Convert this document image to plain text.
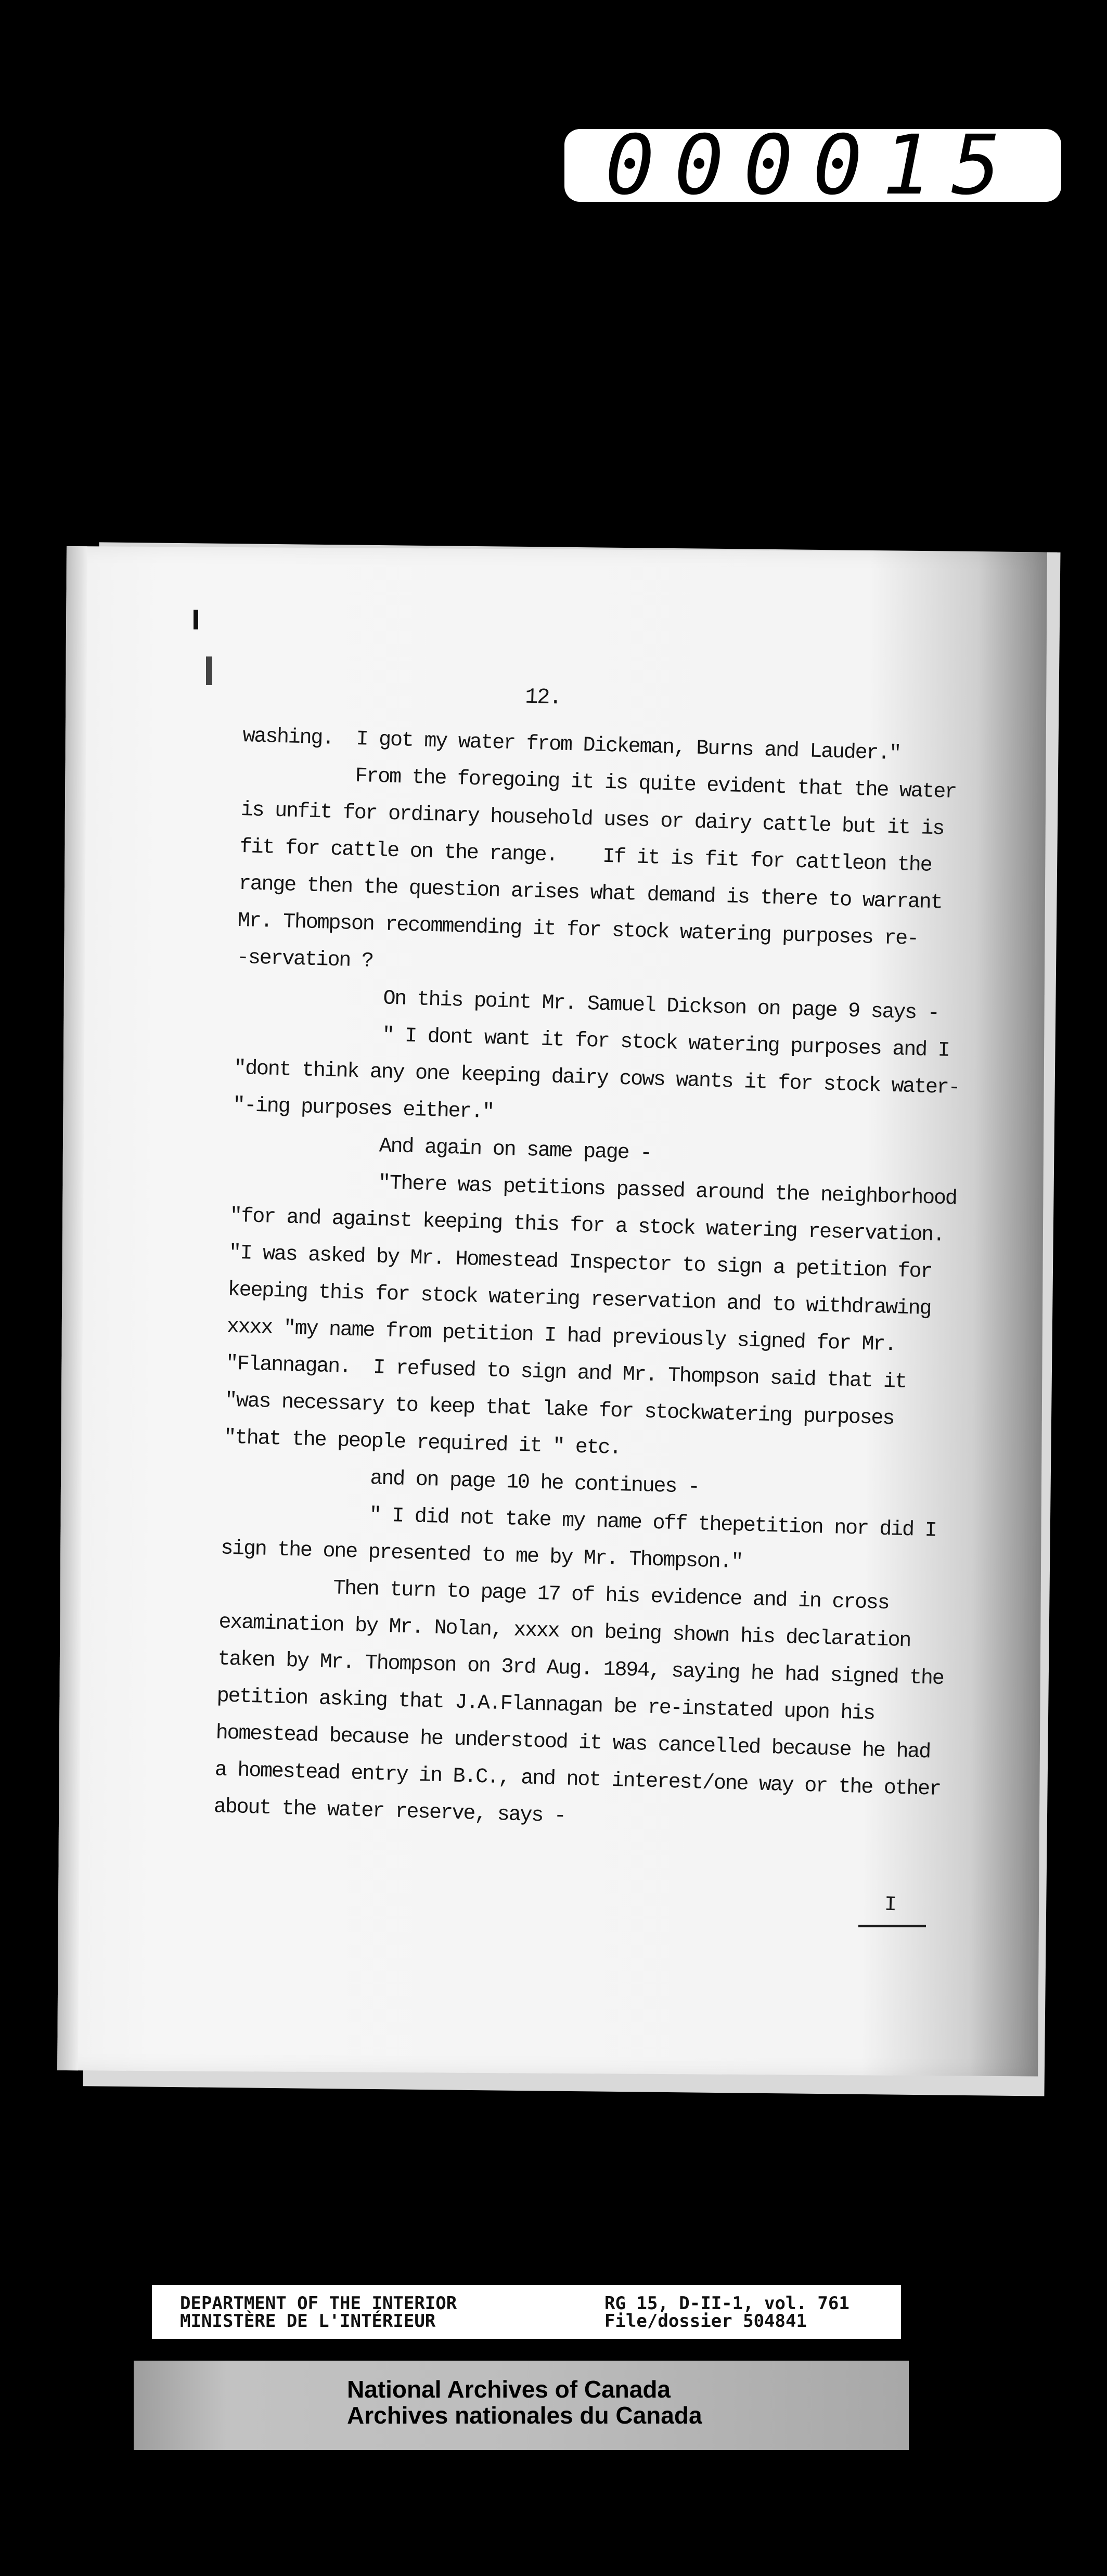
000015
12.
washing.  I got my water from Dickeman, Burns and Lauder."
From the foregoing it is quite evident that the water
is unfit for ordinary household uses or dairy cattle but it is
fit for cattle on the range.    If it is fit for cattleon the
range then the question arises what demand is there to warrant
Mr. Thompson recommending it for stock watering purposes re-
-servation ?
On this point Mr. Samuel Dickson on page 9 says -
" I dont want it for stock watering purposes and I
"dont think any one keeping dairy cows wants it for stock water-
"-ing purposes either."
And again on same page -
"There was petitions passed around the neighborhood
"for and against keeping this for a stock watering reservation.
"I was asked by Mr. Homestead Inspector to sign a petition for
keeping this for stock watering reservation and to withdrawing
xxxx "my name from petition I had previously signed for Mr.
"Flannagan.  I refused to sign and Mr. Thompson said that it
"was necessary to keep that lake for stockwatering purposes
"that the people required it " etc.
and on page 10 he continues -
" I did not take my name off thepetition nor did I
sign the one presented to me by Mr. Thompson."
Then turn to page 17 of his evidence and in cross
examination by Mr. Nolan, xxxx on being shown his declaration
taken by Mr. Thompson on 3rd Aug. 1894, saying he had signed the
petition asking that J.A.Flannagan be re-instated upon his
homestead because he understood it was cancelled because he had
a homestead entry in B.C., and not interest/one way or the other
about the water reserve, says -
I
DEPARTMENT OF THE INTERIOR
MINISTÈRE DE L'INTÉRIEUR
RG 15, D-II-1, vol. 761
File/dossier 504841
National Archives of Canada
Archives nationales du Canada
